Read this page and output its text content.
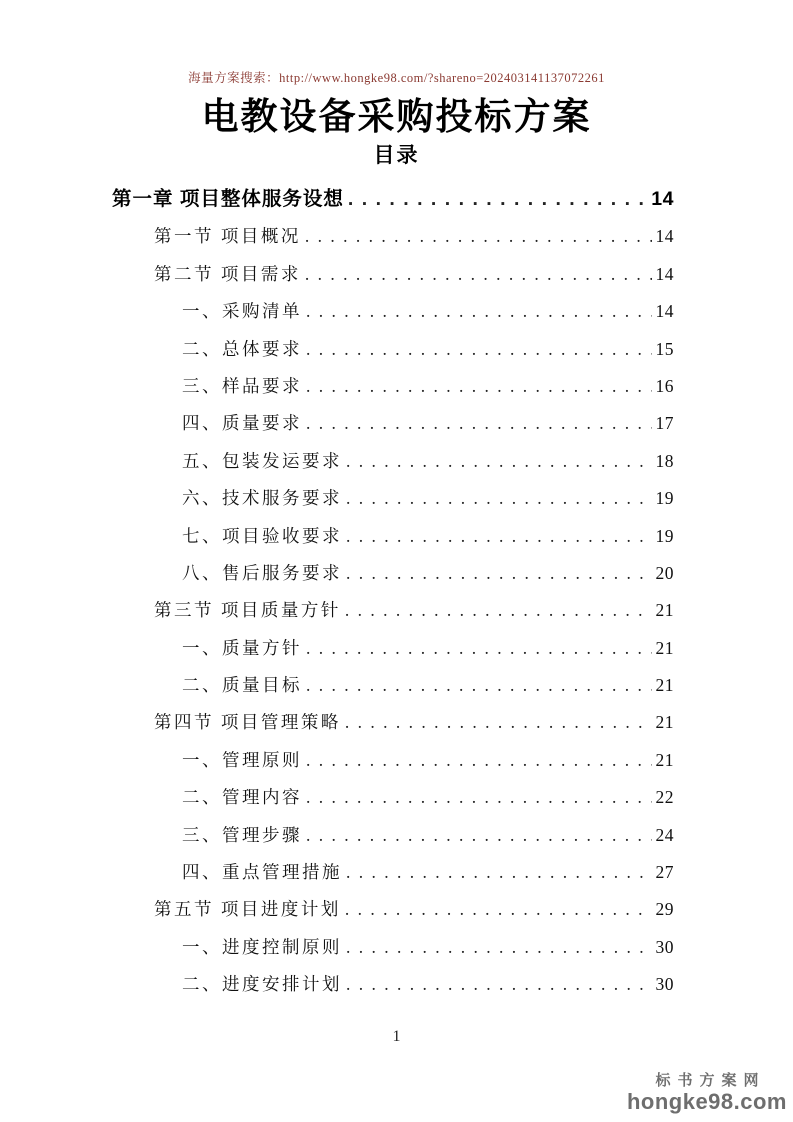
海量方案搜索：http://www.hongke98.com/?shareno=202403141137072261
电教设备采购投标方案
目录
第一章 项目整体服务设想 . . .	14
第一节 项目概况 . . .	14
第二节 项目需求 . . .	14
一、采购清单 . . .	14
二、总体要求 . . .	15
三、样品要求 . . .	16
四、质量要求 . . .	17
五、包装发运要求 . . .	18
六、技术服务要求 . . .	19
七、项目验收要求 . . .	19
八、售后服务要求 . . .	20
第三节 项目质量方针 . . .	21
一、质量方针 . . .	21
二、质量目标 . . .	21
第四节 项目管理策略 . . .	21
一、管理原则 . . .	21
二、管理内容 . . .	22
三、管理步骤 . . .	24
四、重点管理措施 . . .	27
第五节 项目进度计划 . . .	29
一、进度控制原则 . . .	30
二、进度安排计划 . . .	30
1
标书方案网
hongke98.com
